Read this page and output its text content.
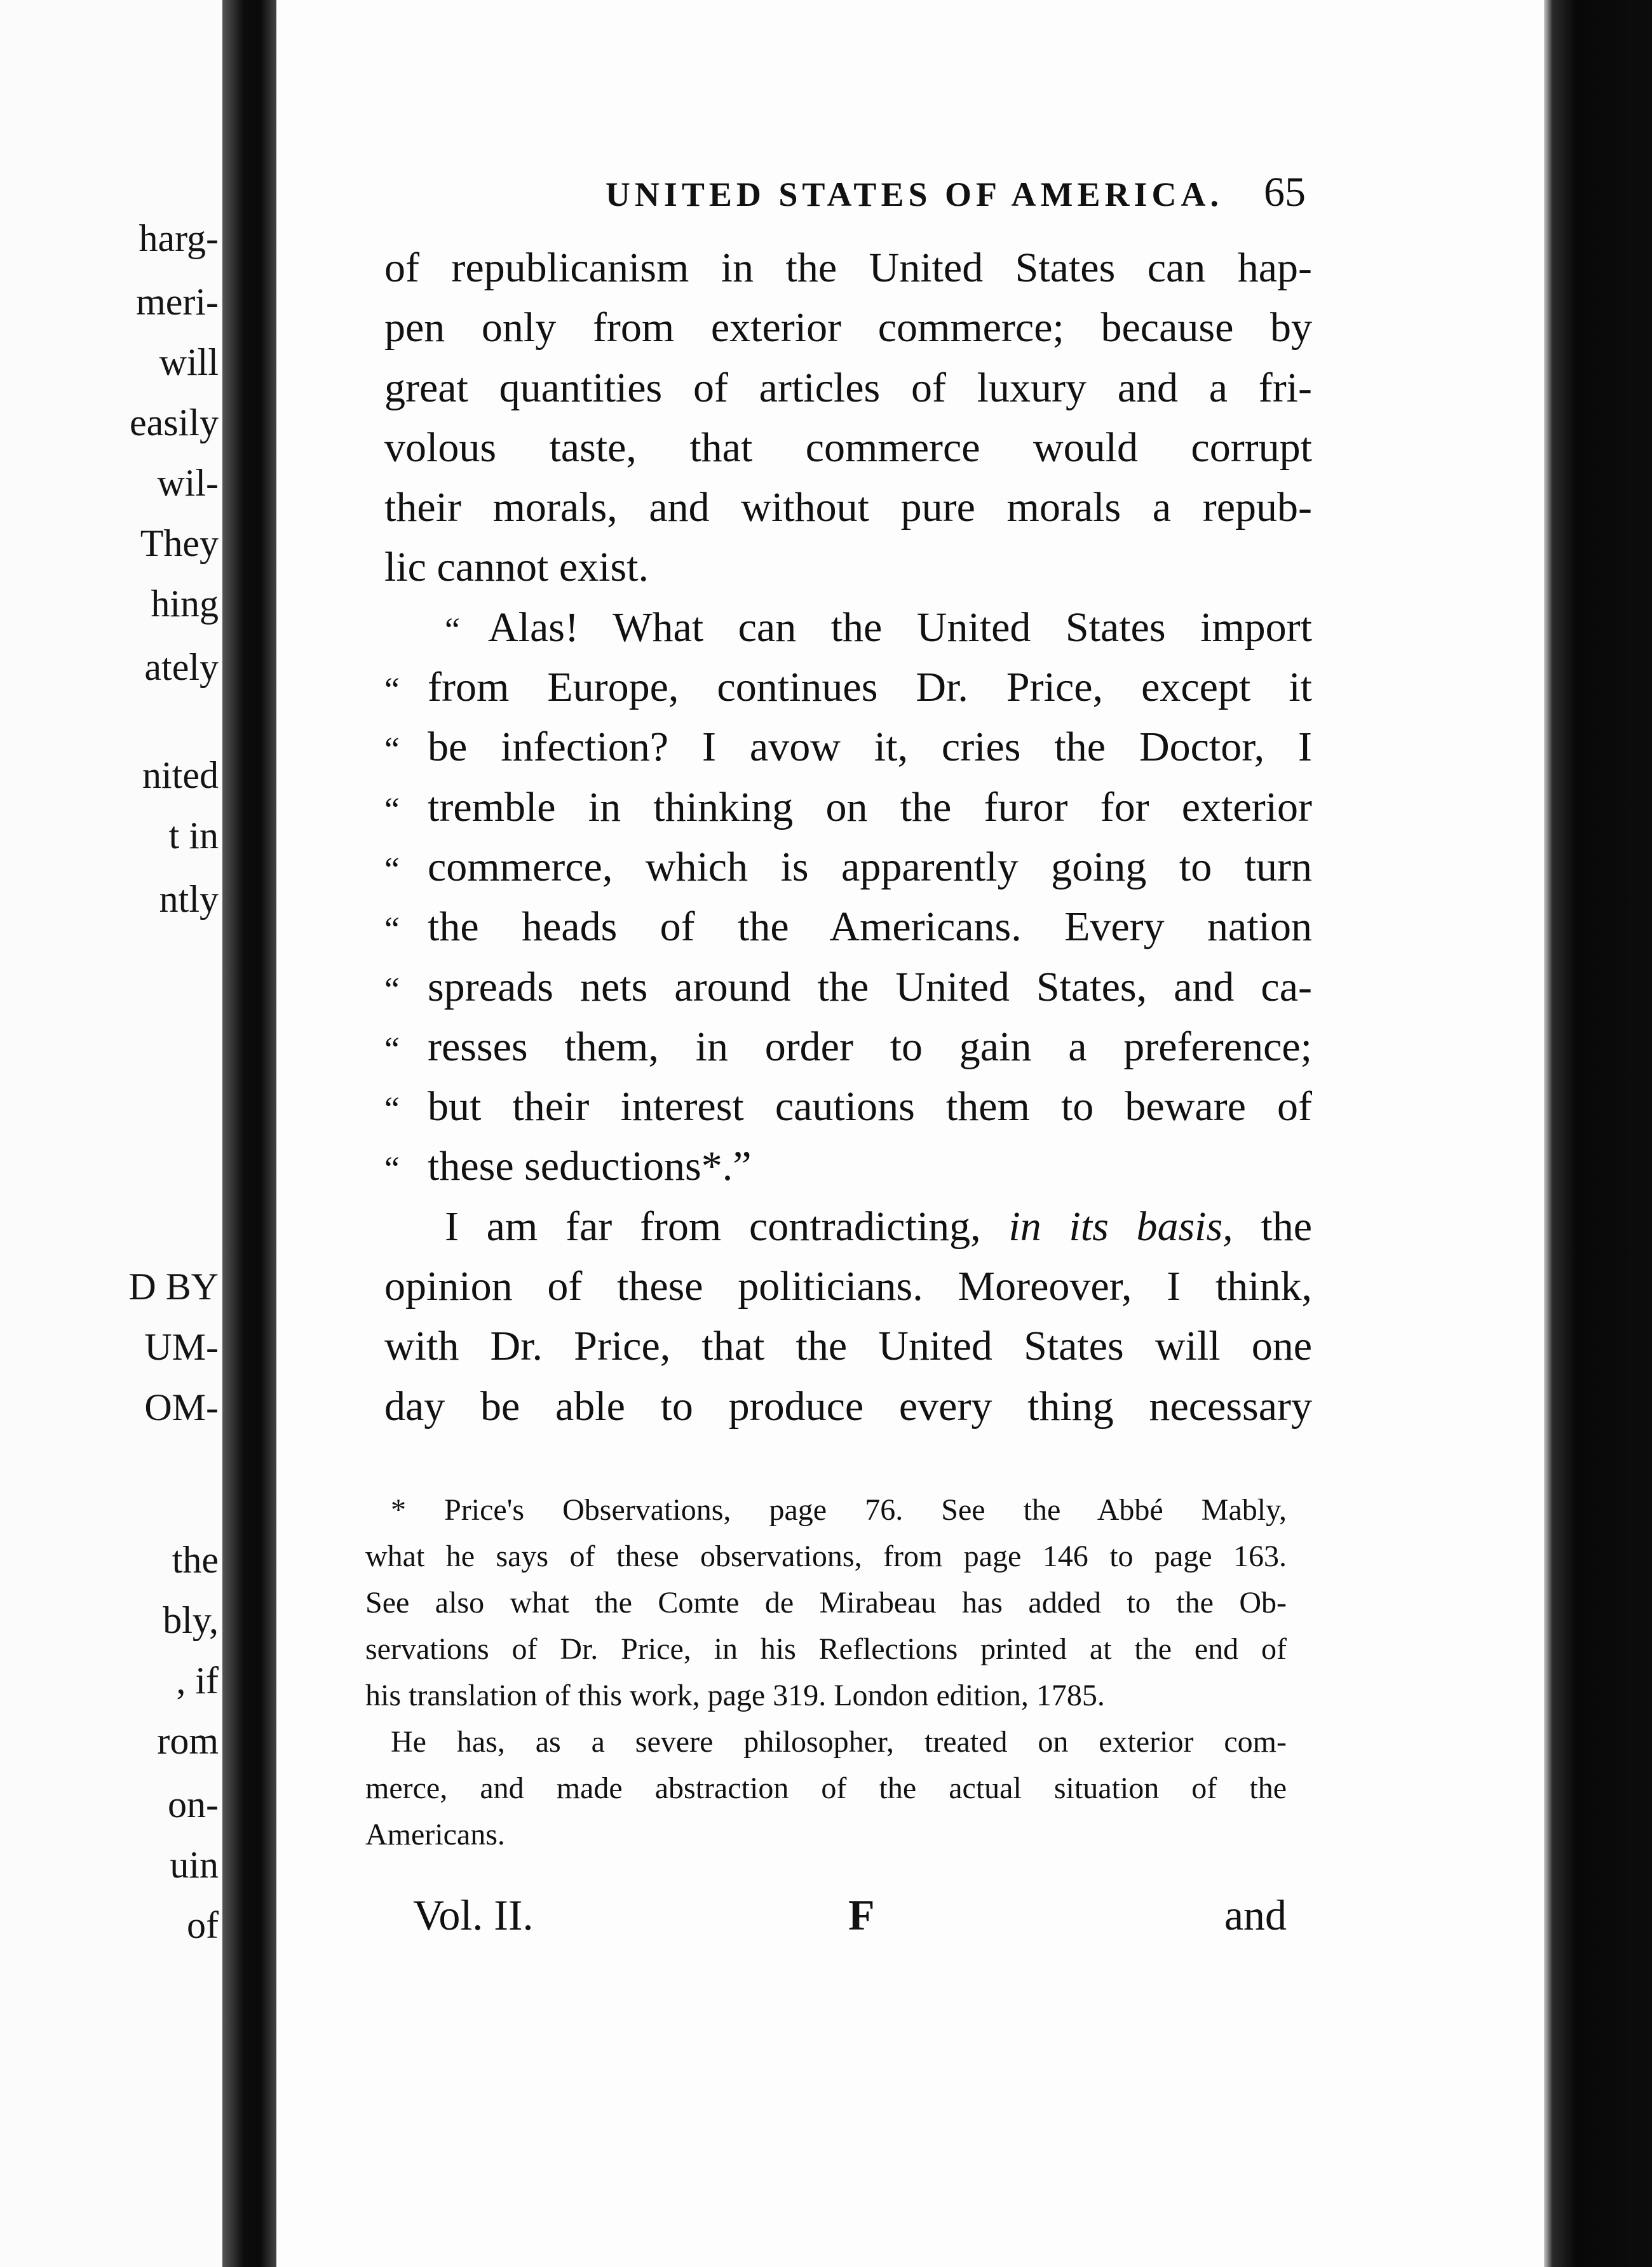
harg-
meri-
will
easily
wil-
They
hing
ately
nited
t in
ntly
D BY
UM-
OM-
the
bly,
, if
rom
on-
uin
of
UNITED STATES OF AMERICA. 65
of republicanism in the United States can hap-
pen only from exterior commerce; because by
great quantities of articles of luxury and a fri-
volous taste, that commerce would corrupt
their morals, and without pure morals a repub-
lic cannot exist.
“ Alas! What can the United States import
“ from Europe, continues Dr. Price, except it
“ be infection? I avow it, cries the Doctor, I
“ tremble in thinking on the furor for exterior
“ commerce, which is apparently going to turn
“ the heads of the Americans. Every nation
“ spreads nets around the United States, and ca-
“ resses them, in order to gain a preference;
“ but their interest cautions them to beware of
“ these seductions*.”
I am far from contradicting, in its basis, the
opinion of these politicians. Moreover, I think,
with Dr. Price, that the United States will one
day be able to produce every thing necessary
* Price's Observations, page 76. See the Abbé Mably,
what he says of these observations, from page 146 to page 163.
See also what the Comte de Mirabeau has added to the Ob-
servations of Dr. Price, in his Reflections printed at the end of
his translation of this work, page 319. London edition, 1785.
He has, as a severe philosopher, treated on exterior com-
merce, and made abstraction of the actual situation of the
Americans.
Vol. II.	F	and
